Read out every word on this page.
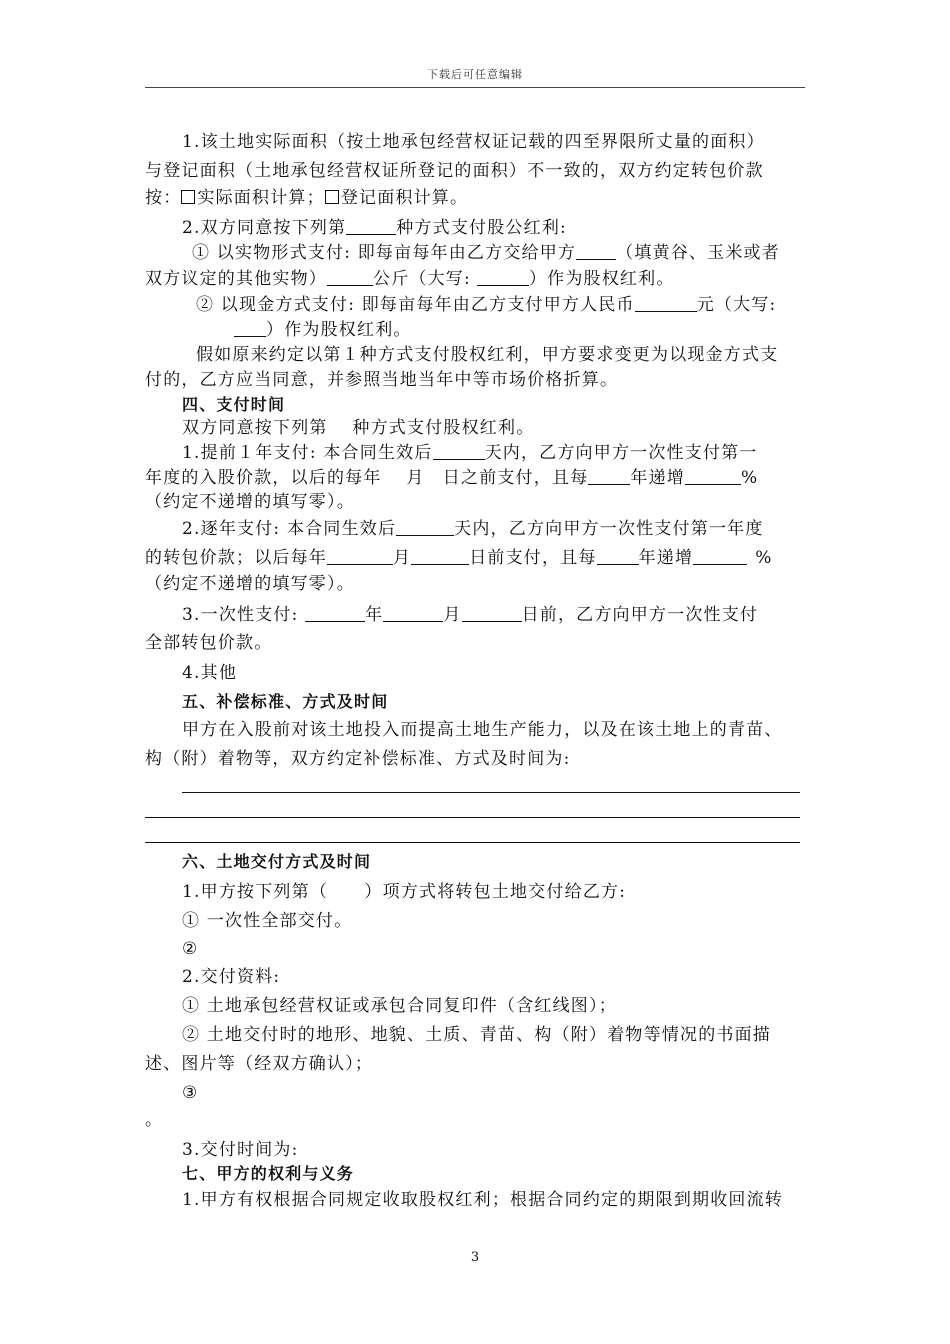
下载后可任意编辑
1.该土地实际面积（按土地承包经营权证记载的四至界限所丈量的面积）
与登记面积（土地承包经营权证所登记的面积）不一致的，双方约定转包价款
按： 实际面积计算； 登记面积计算。
2.双方同意按下列第	种方式支付股公红利:
① 以实物形式支付: 即每亩每年由乙方交给甲方 （填黄谷、玉米或者
双方议定的其他实物）	公斤（大写:	）作为股权红利。
② 以现金方式支付: 即每亩每年由乙方支付甲方人民币	元（大写:
）作为股权红利。
假如原来约定以第１种方式支付股权红利，甲方要求变更为以现金方式支
付的，乙方应当同意，并参照当地当年中等市场价格折算。
四、支付时间
双方同意按下列第　 种方式支付股权红利。
1.提前１年支付: 本合同生效后	天内，乙方向甲方一次性支付第一
年度的入股价款，以后的每年　 月　日之前支付，且每 年递增	%
（约定不递增的填写零）。
2.逐年支付: 本合同生效后	天内，乙方向甲方一次性支付第一年度
的转包价款；以后每年	月	日前支付，且每 年递增	%
（约定不递增的填写零）。
3.一次性支付:	年	月	日前，乙方向甲方一次性支付
全部转包价款。
4.其他
五、补偿标准、方式及时间
甲方在入股前对该土地投入而提高土地生产能力，以及在该土地上的青苗、
构（附）着物等，双方约定补偿标准、方式及时间为:
六、土地交付方式及时间
1.甲方按下列第（　　）项方式将转包土地交付给乙方:
① 一次性全部交付。
②
2.交付资料:
① 土地承包经营权证或承包合同复印件（含红线图）；
② 土地交付时的地形、地貌、土质、青苗、构（附）着物等情况的书面描
述、图片等（经双方确认）；
③
。
3.交付时间为:
七、甲方的权利与义务
1.甲方有权根据合同规定收取股权红利；根据合同约定的期限到期收回流转
3
